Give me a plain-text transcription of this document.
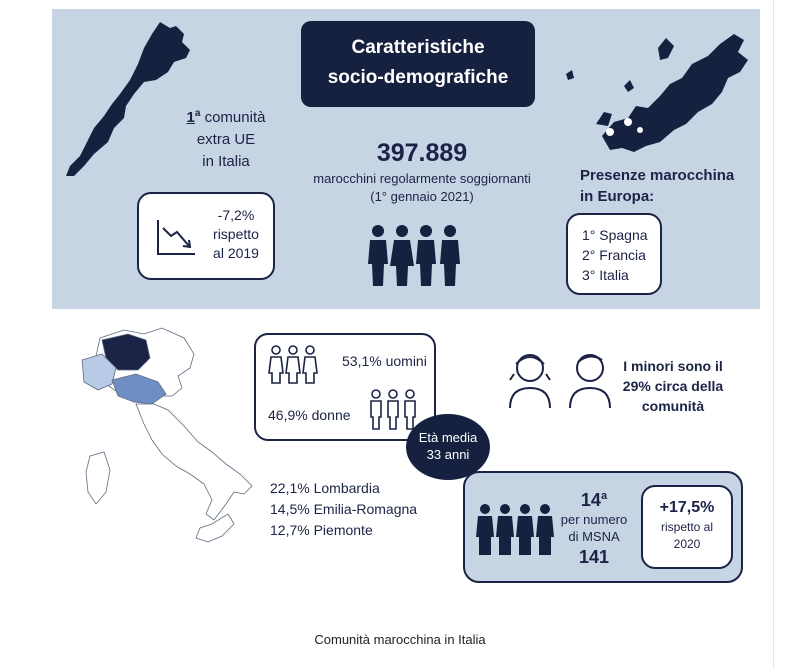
1$^a$ comunità
extra UE
in Italia
-7,2%
rispetto
al 2019
Caratteristiche
socio-demografiche
397.889
marocchini regolarmente soggiornanti
(1° gennaio 2021)
Presenze marocchina
in Europa:
1° Spagna
2° Francia
3° Italia
53,1% uomini
46,9% donne
I minori sono il
29% circa della
comunità
22,1% Lombardia
14,5% Emilia-Romagna
12,7% Piemonte
14$^a$
per numero
di MSNA
141
+17,5%
rispetto al
2020
Età media
33 anni
Comunità marocchina in Italia
